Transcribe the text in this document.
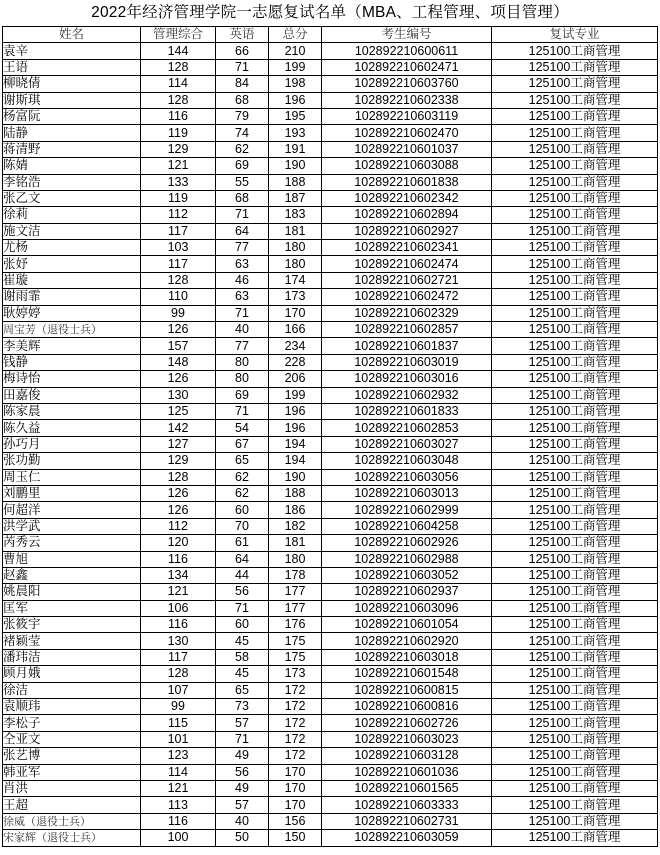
2022年经济管理学院一志愿复试名单（MBA、工程管理、项目管理）
姓名	管理综合	英语	总分	考生编号	复试专业
袁辛	144	66	210	102892210600611	125100工商管理
王语	128	71	199	102892210602471	125100工商管理
柳晓倩	114	84	198	102892210603760	125100工商管理
谢斯琪	128	68	196	102892210602338	125100工商管理
杨富阮	116	79	195	102892210603119	125100工商管理
陆静	119	74	193	102892210602470	125100工商管理
蒋清野	129	62	191	102892210601037	125100工商管理
陈婧	121	69	190	102892210603088	125100工商管理
李铭浩	133	55	188	102892210601838	125100工商管理
张乙文	119	68	187	102892210602342	125100工商管理
徐莉	112	71	183	102892210602894	125100工商管理
施文洁	117	64	181	102892210602927	125100工商管理
尤杨	103	77	180	102892210602341	125100工商管理
张妤	117	63	180	102892210602474	125100工商管理
崔璇	128	46	174	102892210602721	125100工商管理
谢雨霏	110	63	173	102892210602472	125100工商管理
耿婷婷	99	71	170	102892210602329	125100工商管理
周宝芳（退役士兵）	126	40	166	102892210602857	125100工商管理
李美辉	157	77	234	102892210601837	125100工商管理
钱静	148	80	228	102892210603019	125100工商管理
梅诗怡	126	80	206	102892210603016	125100工商管理
田嘉俊	130	69	199	102892210602932	125100工商管理
陈家晨	125	71	196	102892210601833	125100工商管理
陈久益	142	54	196	102892210602853	125100工商管理
孙巧月	127	67	194	102892210603027	125100工商管理
张功勤	129	65	194	102892210603048	125100工商管理
周玉仁	128	62	190	102892210603056	125100工商管理
刘鹏里	126	62	188	102892210603013	125100工商管理
何超洋	126	60	186	102892210602999	125100工商管理
洪学武	112	70	182	102892210604258	125100工商管理
芮秀云	120	61	181	102892210602926	125100工商管理
曹旭	116	64	180	102892210602988	125100工商管理
赵鑫	134	44	178	102892210603052	125100工商管理
姚晨阳	121	56	177	102892210602937	125100工商管理
匡军	106	71	177	102892210603096	125100工商管理
张筱宇	116	60	176	102892210601054	125100工商管理
褚颖莹	130	45	175	102892210602920	125100工商管理
潘玮洁	117	58	175	102892210603018	125100工商管理
顾月娥	128	45	173	102892210601548	125100工商管理
徐洁	107	65	172	102892210600815	125100工商管理
袁顺玮	99	73	172	102892210600816	125100工商管理
李松子	115	57	172	102892210602726	125100工商管理
仝亚文	101	71	172	102892210603023	125100工商管理
张艺博	123	49	172	102892210603128	125100工商管理
韩亚军	114	56	170	102892210601036	125100工商管理
肖洪	121	49	170	102892210601565	125100工商管理
王超	113	57	170	102892210603333	125100工商管理
徐威（退役士兵）	116	40	156	102892210602731	125100工商管理
宋家辉（退役士兵）	100	50	150	102892210603059	125100工商管理
